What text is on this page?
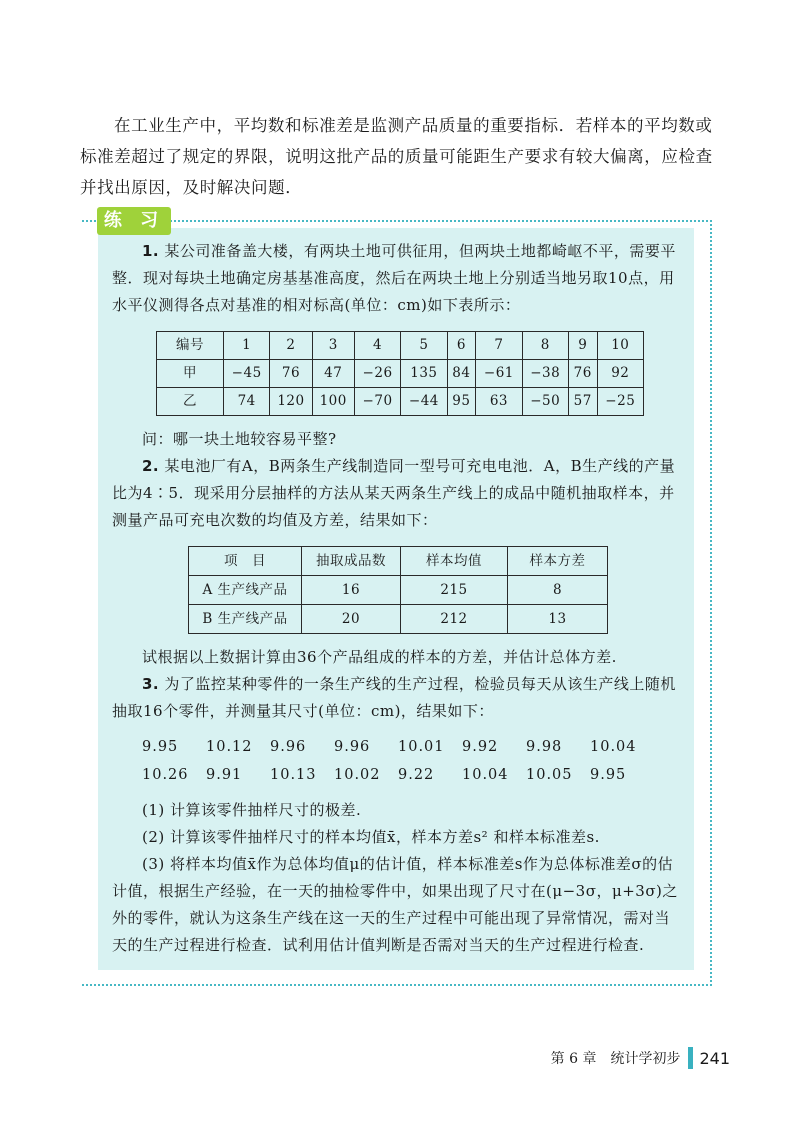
在工业生产中，平均数和标准差是监测产品质量的重要指标．若样本的平均数或标准差超过了规定的界限，说明这批产品的质量可能距生产要求有较大偏离，应检查并找出原因，及时解决问题．

练 习

1. 某公司准备盖大楼，有两块土地可供征用，但两块土地都崎岖不平，需要平整．现对每块土地确定房基基准高度，然后在两块土地上分别适当地另取10点，用水平仪测得各点对基准的相对标高(单位：cm)如下表所示：

编号	1	2	3	4	5	6	7	8	9	10
甲	−45	76	47	−26	135	84	−61	−38	76	92
乙	74	120	100	−70	−44	95	63	−50	57	−25

问：哪一块土地较容易平整?

2. 某电池厂有A，B两条生产线制造同一型号可充电电池．A，B生产线的产量比为4∶5．现采用分层抽样的方法从某天两条生产线上的成品中随机抽取样本，并测量产品可充电次数的均值及方差，结果如下：

项　目	抽取成品数	样本均值	样本方差
A 生产线产品	16	215	8
B 生产线产品	20	212	13

试根据以上数据计算由36个产品组成的样本的方差，并估计总体方差.

3. 为了监控某种零件的一条生产线的生产过程，检验员每天从该生产线上随机抽取16个零件，并测量其尺寸(单位：cm)，结果如下：

9.95	10.12	9.96	9.96	10.01	9.92	9.98	10.04
10.26	9.91	10.13	10.02	9.22	10.04	10.05	9.95

(1) 计算该零件抽样尺寸的极差.

(2) 计算该零件抽样尺寸的样本均值x̄，样本方差s² 和样本标准差s.

(3) 将样本均值x̄作为总体均值μ的估计值，样本标准差s作为总体标准差σ的估计值，根据生产经验，在一天的抽检零件中，如果出现了尺寸在(μ−3σ，μ+3σ)之外的零件，就认为这条生产线在这一天的生产过程中可能出现了异常情况，需对当天的生产过程进行检查．试利用估计值判断是否需对当天的生产过程进行检查.

第 6 章　统计学初步 241
